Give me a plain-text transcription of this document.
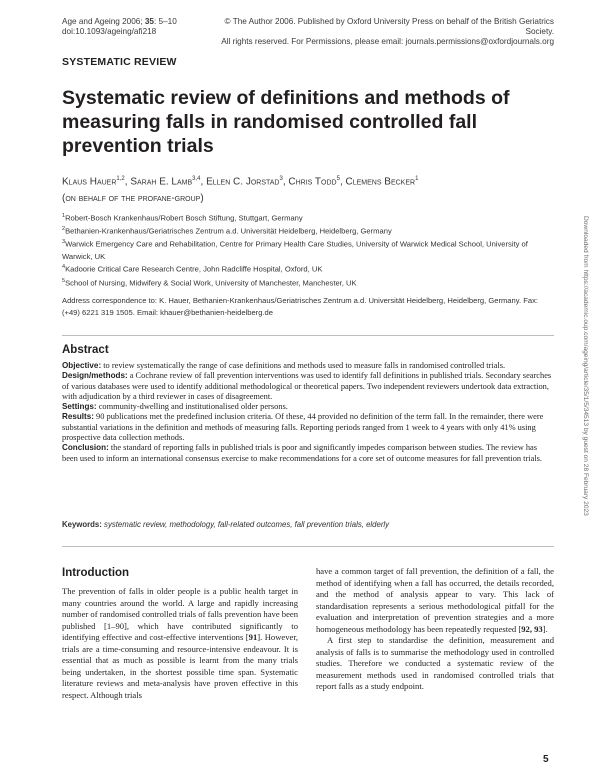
Age and Ageing 2006; 35: 5–10
doi:10.1093/ageing/afi218
© The Author 2006. Published by Oxford University Press on behalf of the British Geriatrics Society.
All rights reserved. For Permissions, please email: journals.permissions@oxfordjournals.org
SYSTEMATIC REVIEW
Systematic review of definitions and methods of measuring falls in randomised controlled fall prevention trials
Klaus Hauer$^{1,2}$, Sarah E. Lamb$^{3,4}$, Ellen C. Jorstad$^3$, Chris Todd$^5$, Clemens Becker$^1$
(on behalf of the profane-group)
$^1$Robert-Bosch Krankenhaus/Robert Bosch Stiftung, Stuttgart, Germany
$^2$Bethanien-Krankenhaus/Geriatrisches Zentrum a.d. Universität Heidelberg, Heidelberg, Germany
$^3$Warwick Emergency Care and Rehabilitation, Centre for Primary Health Care Studies, University of Warwick Medical School, University of Warwick, UK
$^4$Kadoorie Critical Care Research Centre, John Radcliffe Hospital, Oxford, UK
$^5$School of Nursing, Midwifery & Social Work, University of Manchester, Manchester, UK
Address correspondence to: K. Hauer, Bethanien-Krankenhaus/Geriatrisches Zentrum a.d. Universität Heidelberg, Heidelberg, Germany. Fax: (+49) 6221 319 1505. Email: khauer@bethanien-heidelberg.de
Abstract

Objective: to review systematically the range of case definitions and methods used to measure falls in randomised controlled trials.

Design/methods: a Cochrane review of fall prevention interventions was used to identify fall definitions in published trials. Secondary searches of various databases were used to identify additional methodological or theoretical papers. Two independent reviewers undertook data extraction, with adjudication by a third reviewer in cases of disagreement.

Settings: community-dwelling and institutionalised older persons.

Results: 90 publications met the predefined inclusion criteria. Of these, 44 provided no definition of the term fall. In the remainder, there were substantial variations in the definition and methods of measuring falls. Reporting periods ranged from 1 week to 4 years with only 41% using prospective data collection methods.

Conclusion: the standard of reporting falls in published trials is poor and significantly impedes comparison between studies. The review has been used to inform an international consensus exercise to make recommendations for a core set of outcome measures for fall prevention trials.

Keywords: systematic review, methodology, fall-related outcomes, fall prevention trials, elderly
Introduction

The prevention of falls in older people is a public health target in many countries around the world. A large and rapidly increasing number of randomised controlled trials of falls prevention have been published [1–90], which have contributed significantly to identifying effective and cost-effective interventions [91]. However, trials are a time-consuming and resource-intensive endeavour. It is essential that as much as possible is learnt from the many trials being undertaken, in the shortest possible time span. Systematic literature reviews and meta-analysis have proven effective in this respect. Although trials

have a common target of fall prevention, the definition of a fall, the method of identifying when a fall has occurred, the details recorded, and the method of analysis appear to vary. This lack of standardisation represents a serious methodological pitfall for the evaluation and interpretation of prevention strategies and a more homogeneous methodology has been repeatedly requested [92, 93].

A first step to standardise the definition, measurement and analysis of falls is to summarise the methodology used in controlled studies. Therefore we conducted a systematic review of the measurement methods used in randomised controlled trials that report falls as a study endpoint.

5
Downloaded from https://academic.oup.com/ageing/article/35/1/5/34513 by guest on 28 February 2023
